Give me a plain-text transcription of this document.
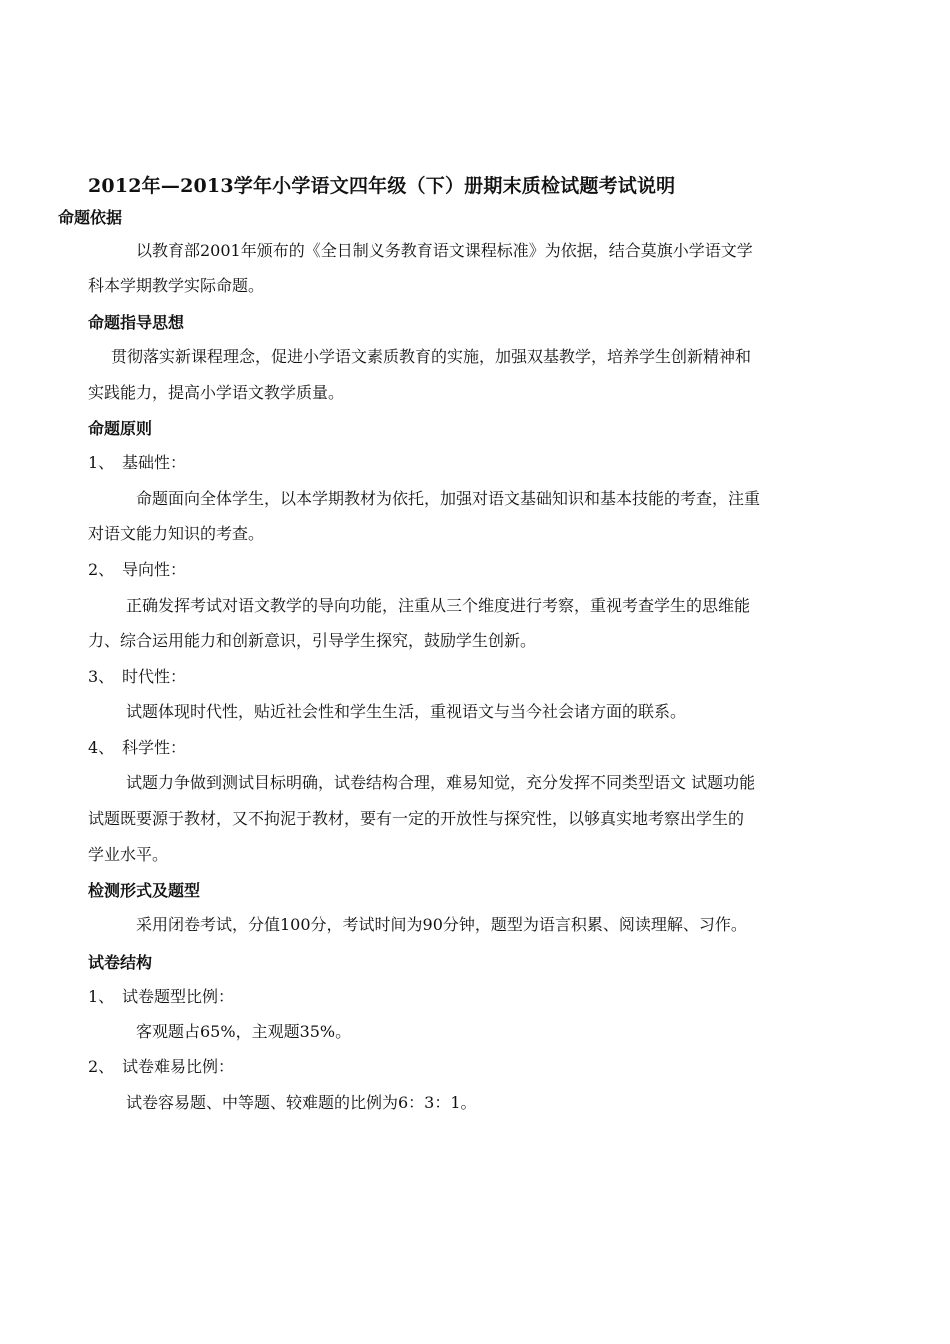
2012年—2013学年小学语文四年级（下）册期末质检试题考试说明
命题依据
以教育部2001年颁布的《全日制义务教育语文课程标准》为依据，结合莫旗小学语文学
科本学期教学实际命题。
命题指导思想
贯彻落实新课程理念，促进小学语文素质教育的实施，加强双基教学，培养学生创新精神和
实践能力，提高小学语文教学质量。
命题原则
1、 基础性：
命题面向全体学生，以本学期教材为依托，加强对语文基础知识和基本技能的考查，注重
对语文能力知识的考查。
2、 导向性：
正确发挥考试对语文教学的导向功能，注重从三个维度进行考察，重视考查学生的思维能
力、综合运用能力和创新意识，引导学生探究，鼓励学生创新。
3、 时代性：
试题体现时代性，贴近社会性和学生生活，重视语文与当今社会诸方面的联系。
4、 科学性：
试题力争做到测试目标明确，试卷结构合理，难易知觉，充分发挥不同类型语文 试题功能
试题既要源于教材，又不拘泥于教材，要有一定的开放性与探究性，以够真实地考察出学生的
学业水平。
检测形式及题型
采用闭卷考试，分值100分，考试时间为90分钟，题型为语言积累、阅读理解、习作。
试卷结构
1、 试卷题型比例：
客观题占65%，主观题35%。
2、 试卷难易比例：
试卷容易题、中等题、较难题的比例为6：3：1。
